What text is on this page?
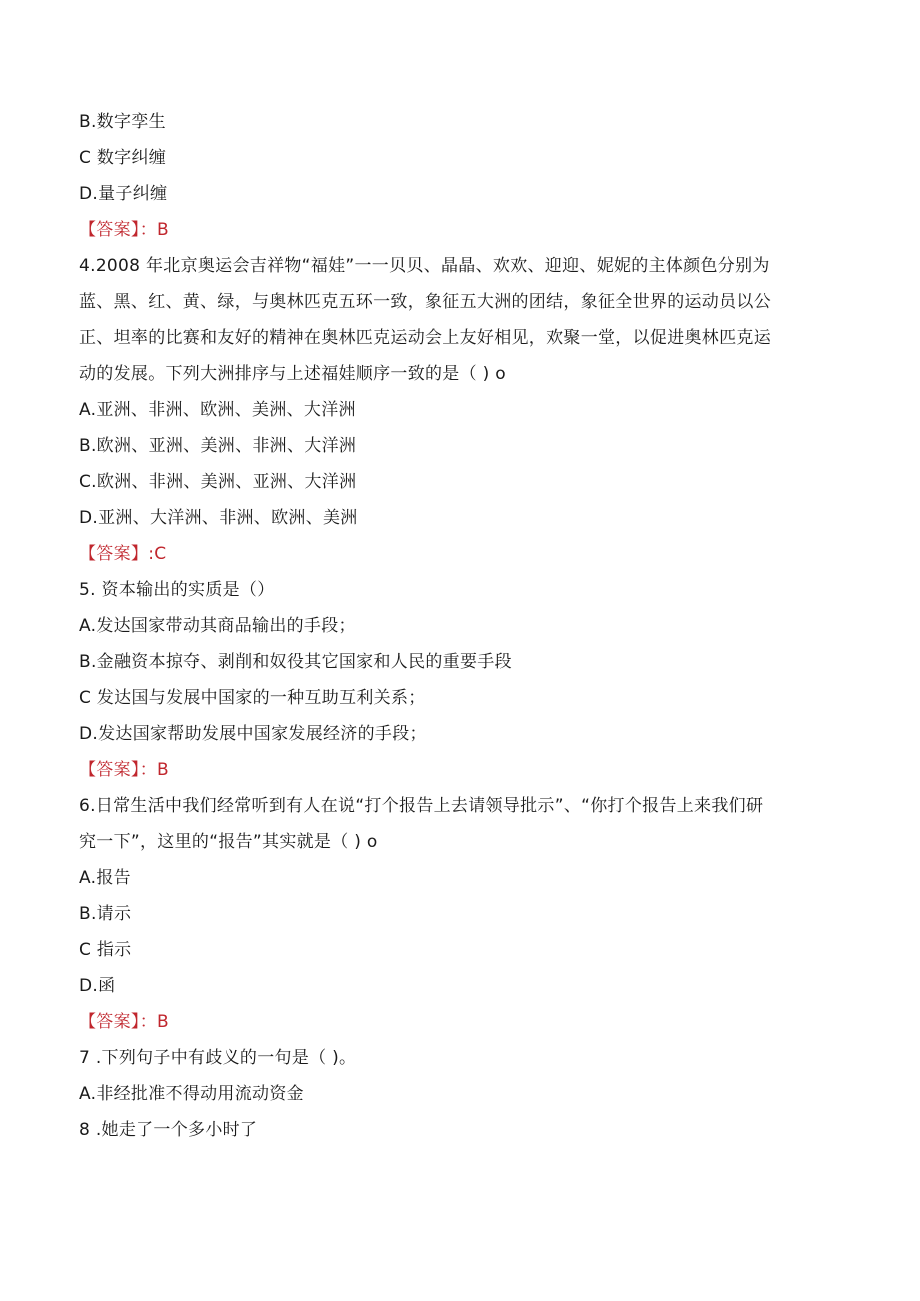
B.数字孪生
C 数字纠缠
D.量子纠缠
【答案】：B
4.2008 年北京奥运会吉祥物“福娃”一一贝贝、晶晶、欢欢、迎迎、妮妮的主体颜色分别为
蓝、黑、红、黄、绿，与奥林匹克五环一致，象征五大洲的团结，象征全世界的运动员以公
正、坦率的比赛和友好的精神在奥林匹克运动会上友好相见，欢聚一堂，以促进奥林匹克运
动的发展。下列大洲排序与上述福娃顺序一致的是（ ) o
A.亚洲、非洲、欧洲、美洲、大洋洲
B.欧洲、亚洲、美洲、非洲、大洋洲
C.欧洲、非洲、美洲、亚洲、大洋洲
D.亚洲、大洋洲、非洲、欧洲、美洲
【答案】:C
5. 资本输出的实质是（）
A.发达国家带动其商品输出的手段；
B.金融资本掠夺、剥削和奴役其它国家和人民的重要手段
C 发达国与发展中国家的一种互助互利关系；
D.发达国家帮助发展中国家发展经济的手段；
【答案】：B
6.日常生活中我们经常听到有人在说“打个报告上去请领导批示”、“你打个报告上来我们研
究一下”，这里的“报告”其实就是（ ) o
A.报告
B.请示
C 指示
D.函
【答案】：B
7 .下列句子中有歧义的一句是（ )。
A.非经批准不得动用流动资金
8 .她走了一个多小时了
